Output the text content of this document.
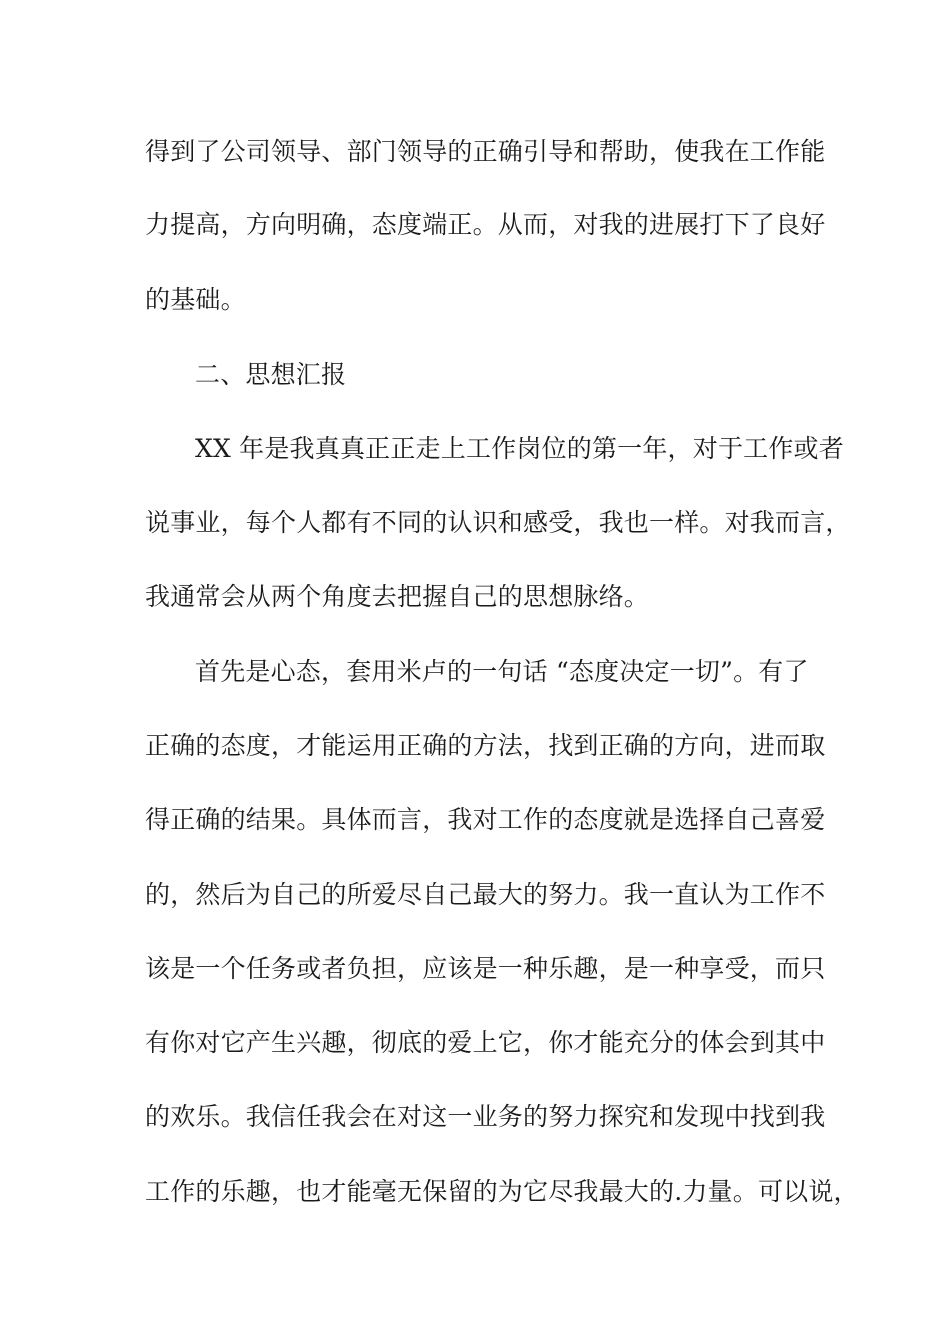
得到了公司领导、部门领导的正确引导和帮助，使我在工作能
力提高，方向明确，态度端正。从而，对我的进展打下了良好
的基础。
二、思想汇报
XX 年是我真真正正走上工作岗位的第一年，对于工作或者
说事业，每个人都有不同的认识和感受，我也一样。对我而言，
我通常会从两个角度去把握自己的思想脉络。
首先是心态，套用米卢的一句话 “态度决定一切”。有了
正确的态度，才能运用正确的方法，找到正确的方向，进而取
得正确的结果。具体而言，我对工作的态度就是选择自己喜爱
的，然后为自己的所爱尽自己最大的努力。我一直认为工作不
该是一个任务或者负担，应该是一种乐趣，是一种享受，而只
有你对它产生兴趣，彻底的爱上它，你才能充分的体会到其中
的欢乐。我信任我会在对这一业务的努力探究和发现中找到我
工作的乐趣，也才能毫无保留的为它尽我最大的.力量。可以说，
